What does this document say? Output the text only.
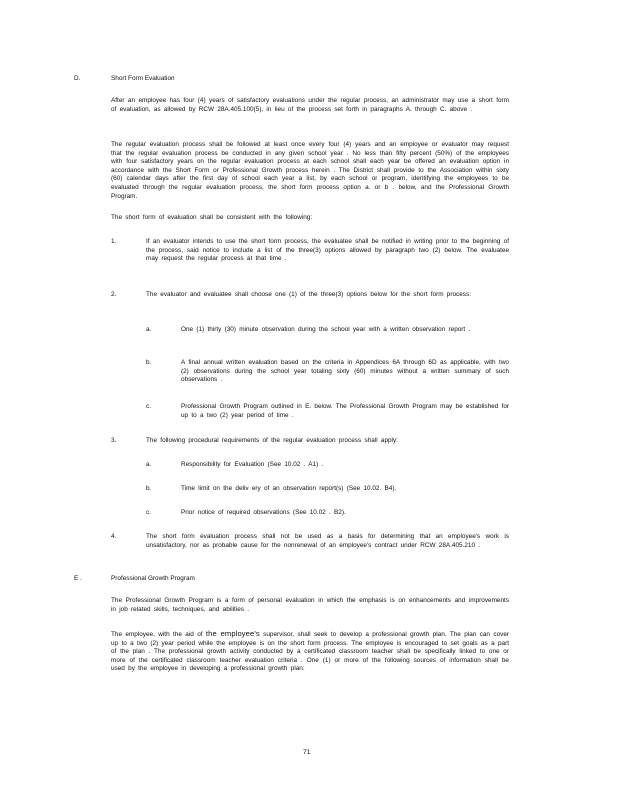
D.	Short Form Evaluation
After an employee has four (4) years of satisfactory evaluations under the regular process, an administrator may use a short form of evaluation, as allowed by RCW 28A.405.100(5), in lieu of the process set forth in paragraphs A. through C. above .
The regular evaluation process shall be followed at least once every four (4) years and an employee or evaluator may request that the regular evaluation process be conducted in any given school year . No less than fifty percent (50%) of the employees with four satisfactory years on the regular evaluation process at each school shall each year be offered an evaluation option in accordance with the Short Form or Professional Growth process herein . The District shall provide to the Association within sixty (60) calendar days after the first day of school each year a list, by each school or program, identifying the employees to be evaluated through the regular evaluation process, the short form process option a. or b . below, and the Professional Growth Program.
The short form of evaluation shall be consistent with the following:
1.	If an evaluator intends to use the short form process, the evaluatee shall be notified in writing prior to the beginning of the process, said notice to include a list of the three(3) options allowed by paragraph two (2) below. The evaluatee may request the regular process at that time .
2.	The evaluator and evaluatee shall choose one (1) of the three(3) options below for the short form process:
a.	One (1) thirty (30) minute observation during the school year with a written observation report .
b.	A final annual written evaluation based on the criteria in Appendices 6A through 6D as applicable, with two (2) observations during the school year totaling sixty (60) minutes without a written summary of such observations .
c.	Professional Growth Program outlined in E. below. The Professional Growth Program may be established for up to a two (2) year period of time .
3.	The following procedural requirements of the regular evaluation process shall apply:
a.	Responsibility for Evaluation (See 10.02 . A1) .
b.	Time limit on the deliv ery of an observation report(s) (See 10.02. B4).
c.	Prior notice of required observations (See 10.02 . B2).
4.	The short form evaluation process shall not be used as a basis for determining that an employee's work is unsatisfactory, nor as probable cause for the nonrenewal of an employee's contract under RCW 28A.405.210 .
E .	Professional Growth Program
The Professional Growth Program is a form of personal evaluation in which the emphasis is on enhancements and improvements in job related skills, techniques, and abilities .
The employee, with the aid of the employee's supervisor, shall seek to develop a professional growth plan. The plan can cover up to a two (2) year period while the employee is on the short form process. The employee is encouraged to set goals as a part of the plan . The professional growth activity conducted by a certificated classroom teacher shall be specifically linked to one or more of the certificated classroom teacher evaluation criteria . One (1) or more of the following sources of information shall be used by the employee in developing a professional growth plan:
71
